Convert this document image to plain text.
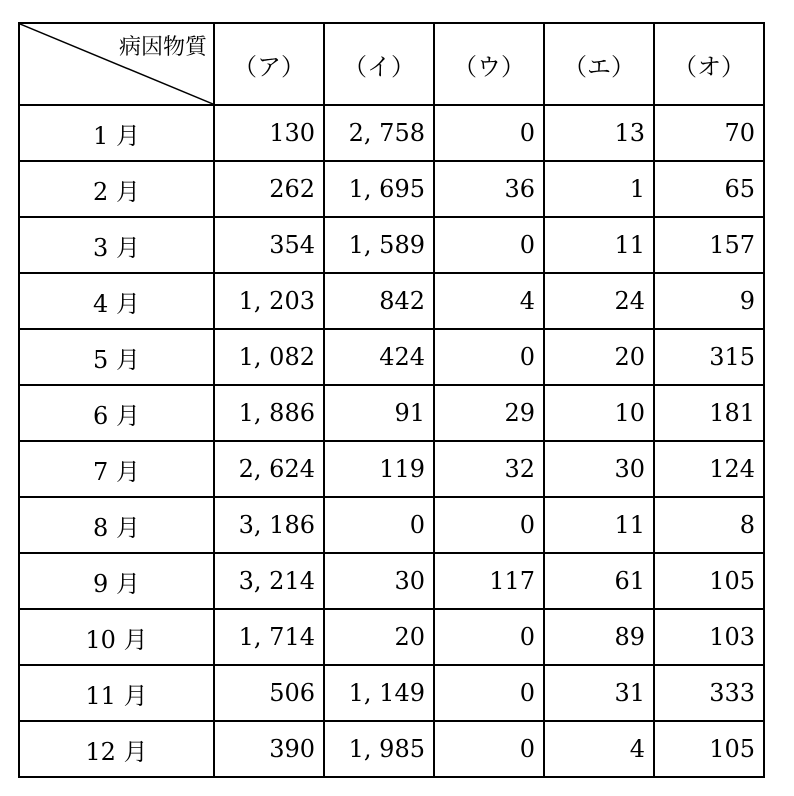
病因物質	（ア）	（イ）	（ウ）	（エ）	（オ）
1 月	130	2, 758	0	13	70
2 月	262	1, 695	36	1	65
3 月	354	1, 589	0	11	157
4 月	1, 203	842	4	24	9
5 月	1, 082	424	0	20	315
6 月	1, 886	91	29	10	181
7 月	2, 624	119	32	30	124
8 月	3, 186	0	0	11	8
9 月	3, 214	30	117	61	105
10 月	1, 714	20	0	89	103
11 月	506	1, 149	0	31	333
12 月	390	1, 985	0	4	105
